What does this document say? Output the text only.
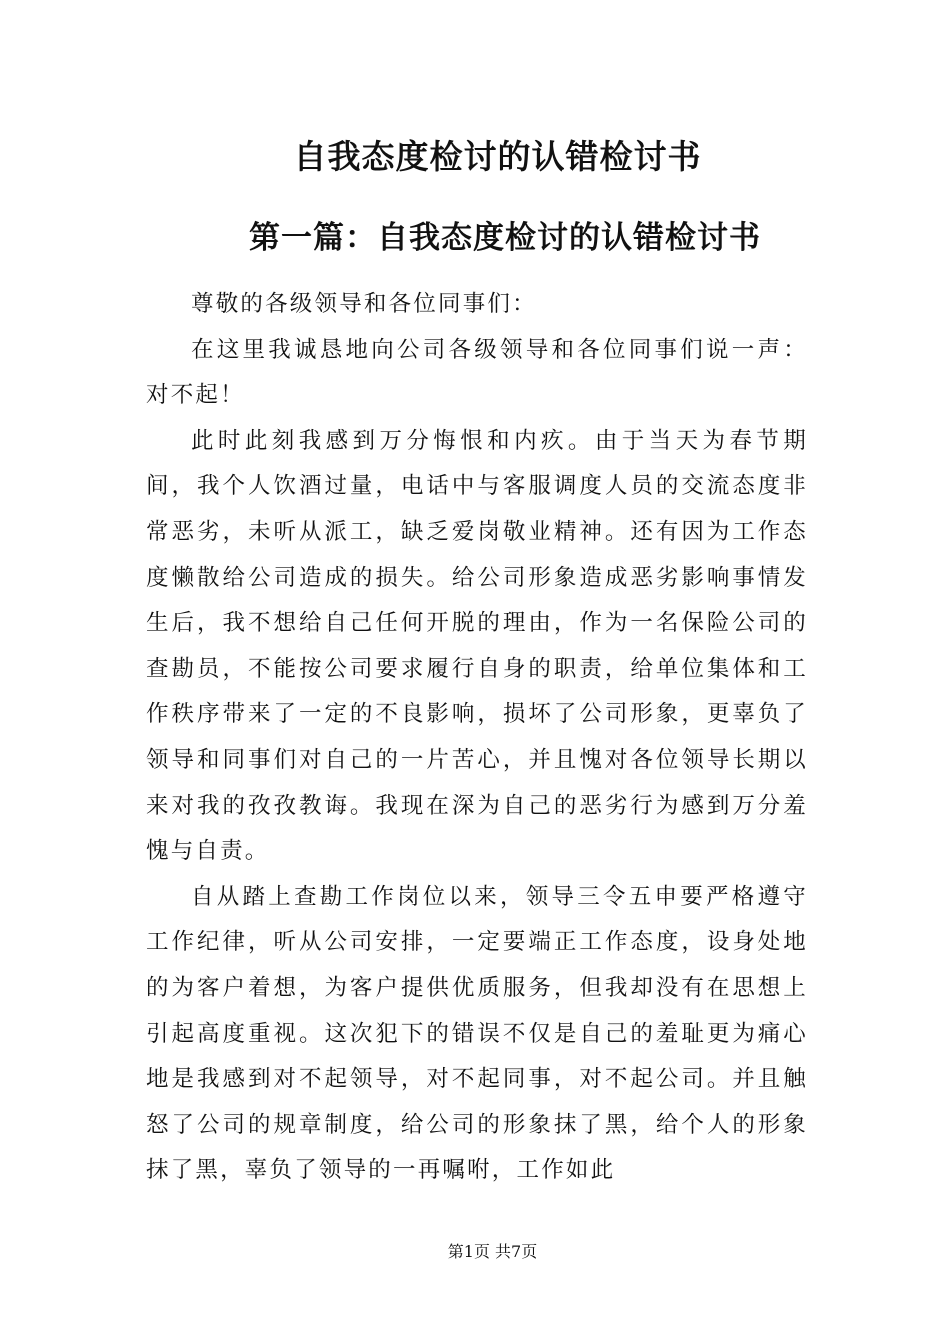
自我态度检讨的认错检讨书
第一篇：自我态度检讨的认错检讨书

尊敬的各级领导和各位同事们：

在这里我诚恳地向公司各级领导和各位同事们说一声：对不起！

此时此刻我感到万分悔恨和内疚。由于当天为春节期间，我个人饮酒过量，电话中与客服调度人员的交流态度非常恶劣，未听从派工，缺乏爱岗敬业精神。还有因为工作态度懒散给公司造成的损失。给公司形象造成恶劣影响事情发生后，我不想给自己任何开脱的理由，作为一名保险公司的查勘员，不能按公司要求履行自身的职责，给单位集体和工作秩序带来了一定的不良影响，损坏了公司形象，更辜负了领导和同事们对自己的一片苦心，并且愧对各位领导长期以来对我的孜孜教诲。我现在深为自己的恶劣行为感到万分羞愧与自责。

自从踏上查勘工作岗位以来，领导三令五申要严格遵守工作纪律，听从公司安排，一定要端正工作态度，设身处地的为客户着想，为客户提供优质服务，但我却没有在思想上引起高度重视。这次犯下的错误不仅是自己的羞耻更为痛心地是我感到对不起领导，对不起同事，对不起公司。并且触怒了公司的规章制度，给公司的形象抹了黑，给个人的形象抹了黑，辜负了领导的一再嘱咐，工作如此

第1页 共7页
